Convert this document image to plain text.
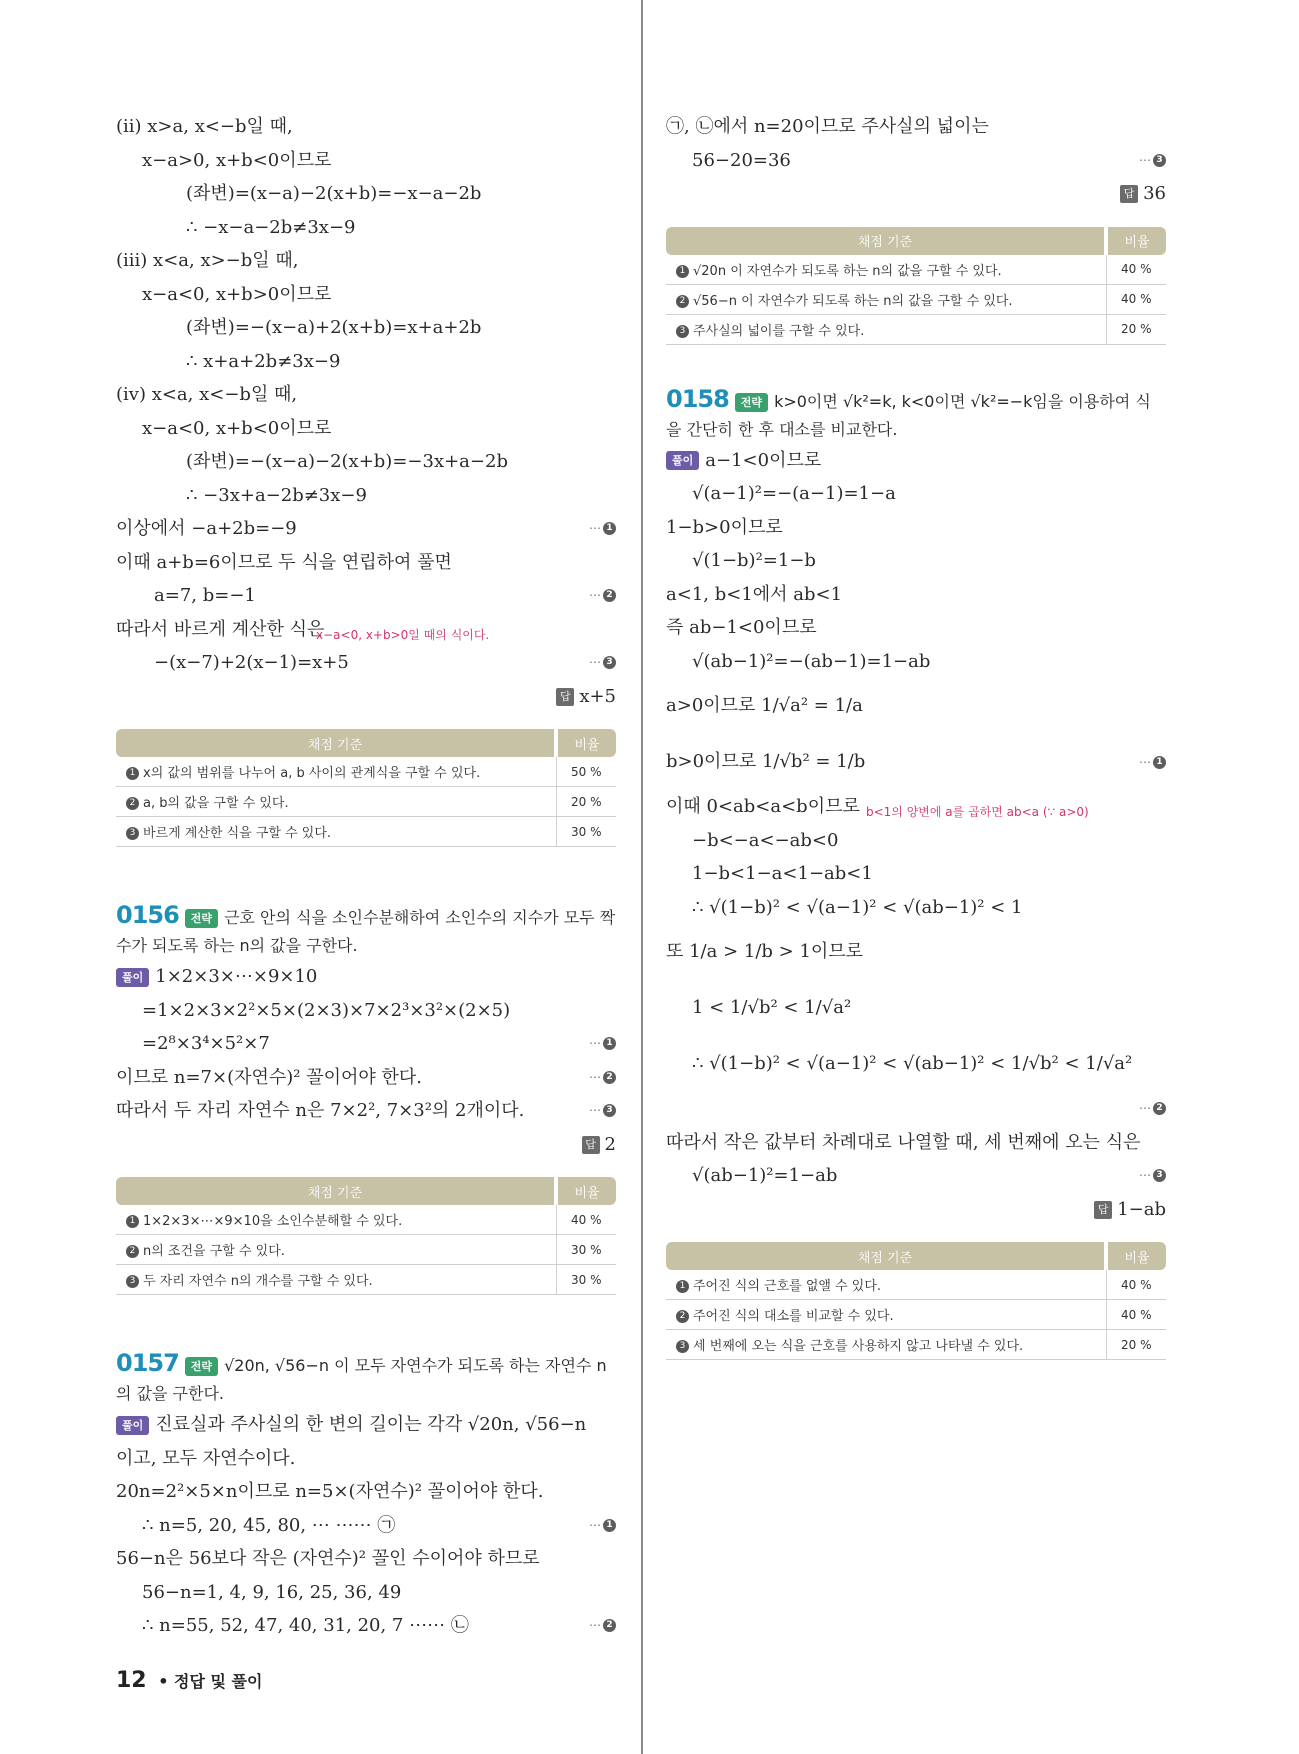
(ⅱ) x>a, x<−b일 때,
x−a>0, x+b<0이므로
(좌변)=(x−a)−2(x+b)=−x−a−2b
∴ −x−a−2b≠3x−9
(ⅲ) x<a, x>−b일 때,
x−a<0, x+b>0이므로
(좌변)=−(x−a)+2(x+b)=x+a+2b
∴ x+a+2b≠3x−9
(ⅳ) x<a, x<−b일 때,
x−a<0, x+b<0이므로
(좌변)=−(x−a)−2(x+b)=−3x+a−2b
∴ −3x+a−2b≠3x−9
이상에서 −a+2b=−9	⋯ 1
이때 a+b=6이므로 두 식을 연립하여 풀면
a=7, b=−1	⋯ 2
따라서 바르게 계산한 식은
x−a<0, x+b>0일 때의 식이다.
−(x−7)+2(x−1)=x+5	⋯ 3
답 x+5
채점 기준	비율
1 x의 값의 범위를 나누어 a, b 사이의 관계식을 구할 수 있다.	50 %
2 a, b의 값을 구할 수 있다.	20 %
3 바르게 계산한 식을 구할 수 있다.	30 %
0156 전략 근호 안의 식을 소인수분해하여 소인수의 지수가 모두 짝수가 되도록 하는 n의 값을 구한다.
풀이 1×2×3×⋯×9×10
=1×2×3×2²×5×(2×3)×7×2³×3²×(2×5)
=2⁸×3⁴×5²×7	⋯ 1
이므로 n=7×(자연수)² 꼴이어야 한다.	⋯ 2
따라서 두 자리 자연수 n은 7×2², 7×3²의 2개이다.	⋯ 3
답 2
채점 기준	비율
1 1×2×3×⋯×9×10을 소인수분해할 수 있다.	40 %
2 n의 조건을 구할 수 있다.	30 %
3 두 자리 자연수 n의 개수를 구할 수 있다.	30 %
0157 전략 √20n, √56−n 이 모두 자연수가 되도록 하는 자연수 n의 값을 구한다.
풀이 진료실과 주사실의 한 변의 길이는 각각 √20n, √56−n
이고, 모두 자연수이다.
20n=2²×5×n이므로 n=5×(자연수)² 꼴이어야 한다.
∴ n=5, 20, 45, 80, ⋯ ⋯⋯ ㉠	⋯ 1
56−n은 56보다 작은 (자연수)² 꼴인 수이어야 하므로
56−n=1, 4, 9, 16, 25, 36, 49
∴ n=55, 52, 47, 40, 31, 20, 7 ⋯⋯ ㉡	⋯ 2
㉠, ㉡에서 n=20이므로 주사실의 넓이는
56−20=36	⋯ 3
답 36
채점 기준	비율
1 √20n 이 자연수가 되도록 하는 n의 값을 구할 수 있다.	40 %
2 √56−n 이 자연수가 되도록 하는 n의 값을 구할 수 있다.	40 %
3 주사실의 넓이를 구할 수 있다.	20 %
0158 전략 k>0이면 √k²=k, k<0이면 √k²=−k임을 이용하여 식을 간단히 한 후 대소를 비교한다.
풀이 a−1<0이므로
√(a−1)²=−(a−1)=1−a
1−b>0이므로
√(1−b)²=1−b
a<1, b<1에서 ab<1
즉 ab−1<0이므로
√(ab−1)²=−(ab−1)=1−ab
a>0이므로 1/√a² = 1/a
b>0이므로 1/√b² = 1/b	⋯ 1
이때 0<ab<a<b이므로 b<1의 양변에 a를 곱하면 ab<a (∵ a>0)
−b<−a<−ab<0
1−b<1−a<1−ab<1
∴ √(1−b)² < √(a−1)² < √(ab−1)² < 1
또 1/a > 1/b > 1이므로
1 < 1/√b² < 1/√a²
∴ √(1−b)² < √(a−1)² < √(ab−1)² < 1/√b² < 1/√a²
⋯ 2
따라서 작은 값부터 차례대로 나열할 때, 세 번째에 오는 식은
√(ab−1)²=1−ab	⋯ 3
답 1−ab
채점 기준	비율
1 주어진 식의 근호를 없앨 수 있다.	40 %
2 주어진 식의 대소를 비교할 수 있다.	40 %
3 세 번째에 오는 식을 근호를 사용하지 않고 나타낼 수 있다.	20 %
12 • 정답 및 풀이
